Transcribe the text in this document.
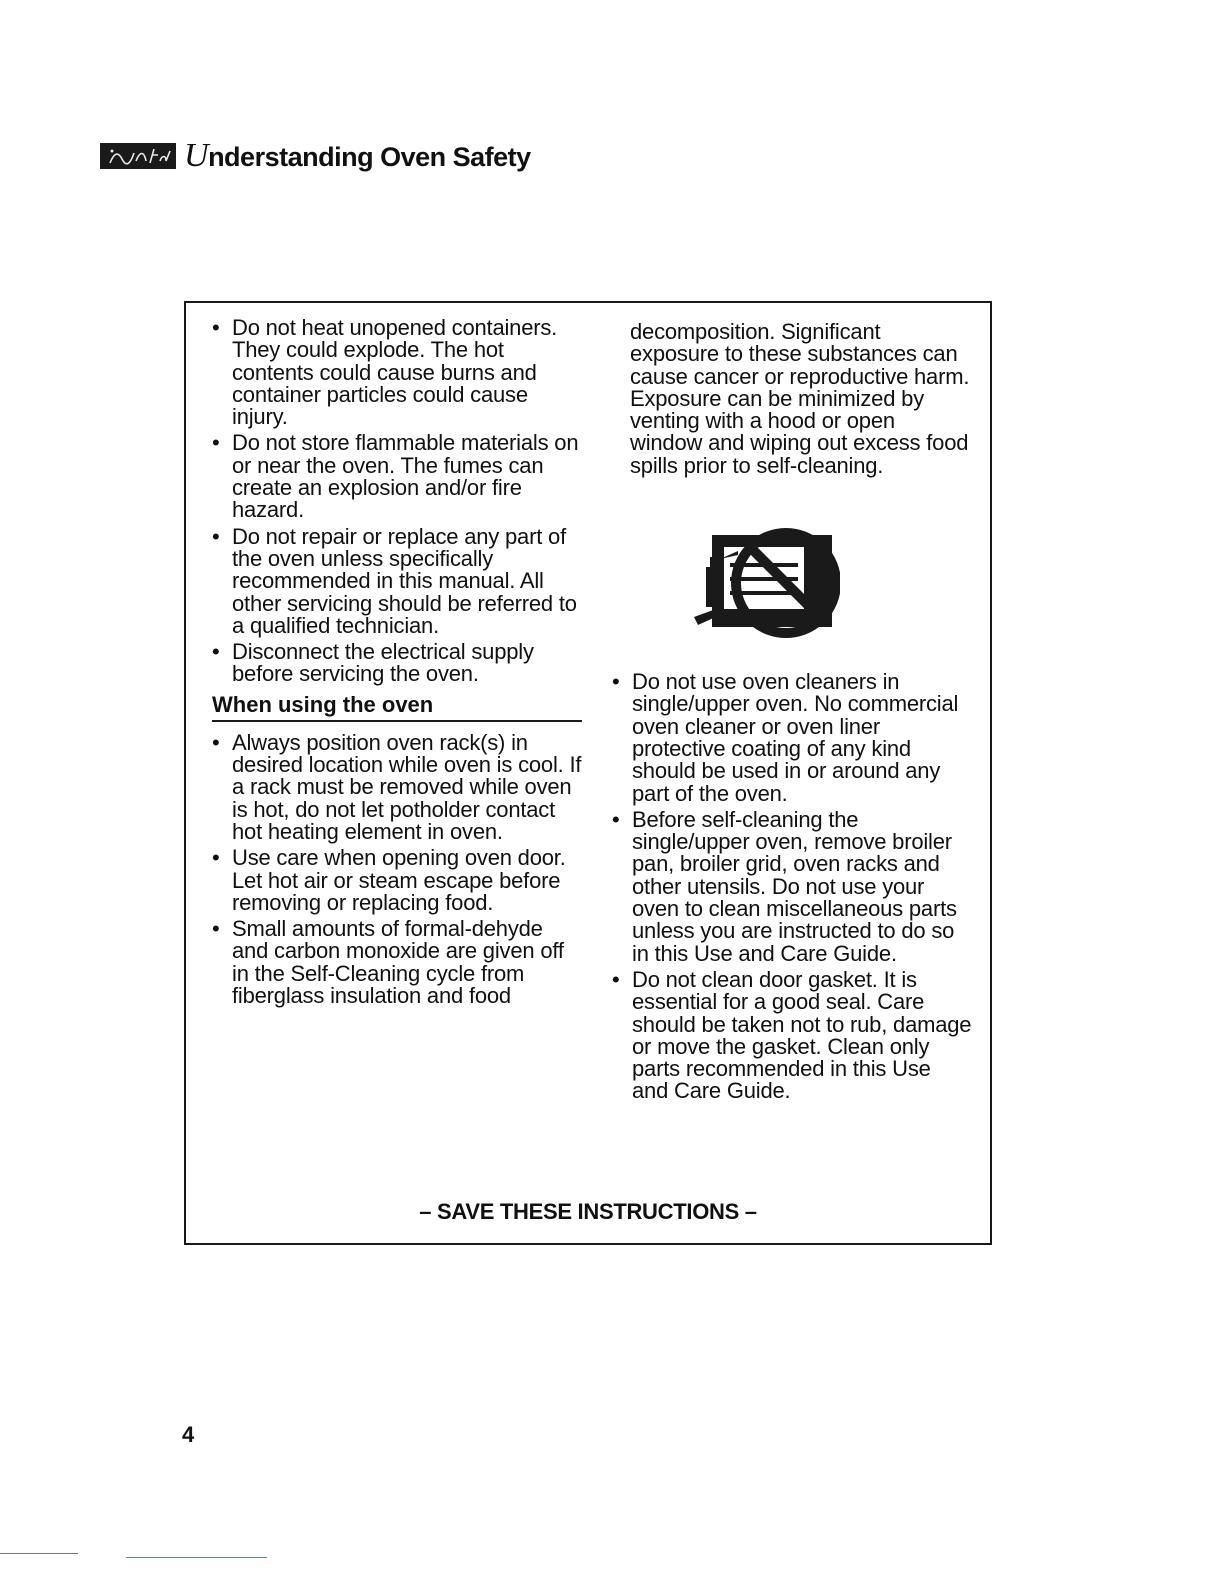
Understanding Oven Safety
• Do not heat unopened containers. They could explode. The hot contents could cause burns and container particles could cause injury.
• Do not store flammable materials on or near the oven. The fumes can create an explosion and/or fire hazard.
• Do not repair or replace any part of the oven unless specifically recommended in this manual. All other servicing should be referred to a qualified technician.
• Disconnect the electrical supply before servicing the oven.
When using the oven
• Always position oven rack(s) in desired location while oven is cool. If a rack must be removed while oven is hot, do not let potholder contact hot heating element in oven.
• Use care when opening oven door. Let hot air or steam escape before removing or replacing food.
• Small amounts of formal-dehyde and carbon monoxide are given off in the Self-Cleaning cycle from fiberglass insulation and food

decomposition. Significant exposure to these substances can cause cancer or reproductive harm. Exposure can be minimized by venting with a hood or open window and wiping out excess food spills prior to self-cleaning.

• Do not use oven cleaners in single/upper oven. No commercial oven cleaner or oven liner protective coating of any kind should be used in or around any part of the oven.
• Before self-cleaning the single/upper oven, remove broiler pan, broiler grid, oven racks and other utensils. Do not use your oven to clean miscellaneous parts unless you are instructed to do so in this Use and Care Guide.
• Do not clean door gasket. It is essential for a good seal. Care should be taken not to rub, damage or move the gasket. Clean only parts recommended in this Use and Care Guide.
– SAVE THESE INSTRUCTIONS –
4
